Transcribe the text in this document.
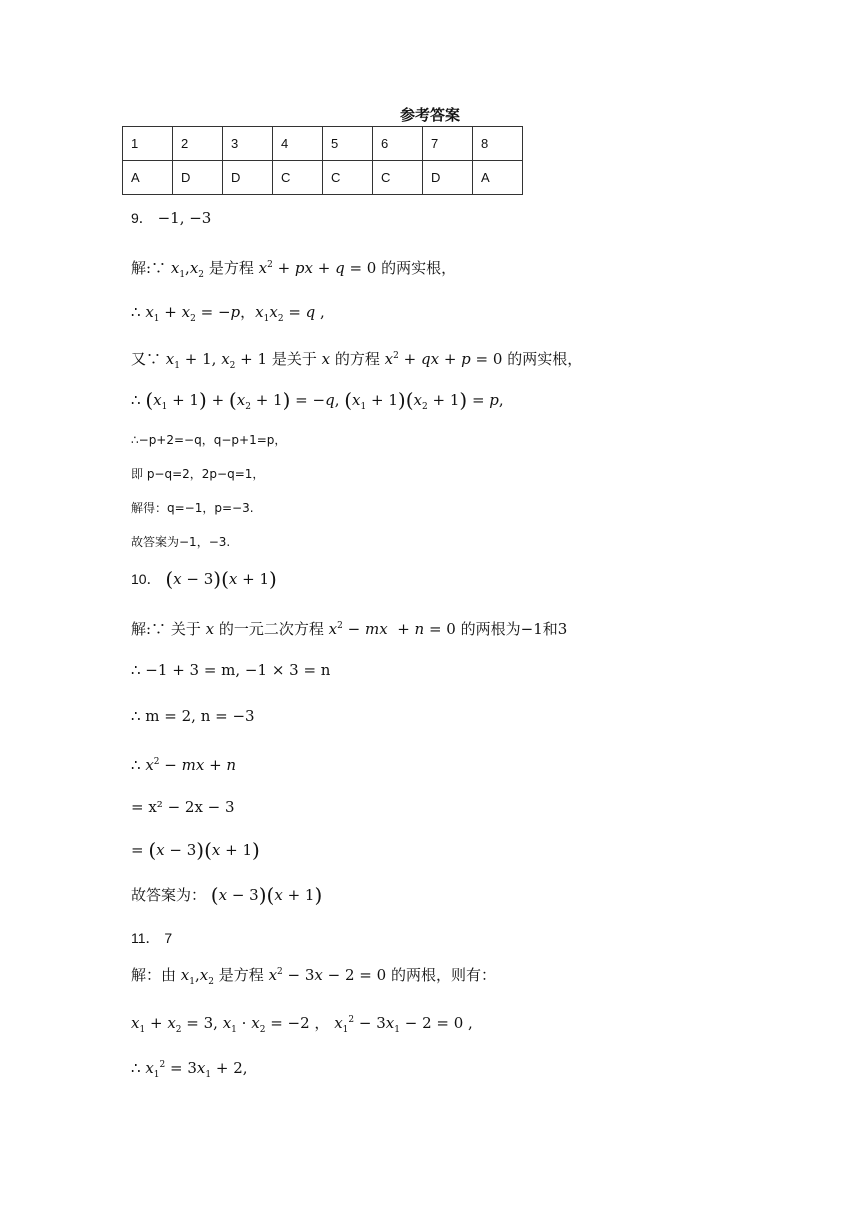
参考答案
1	2	3	4	5	6	7	8
A	D	D	C	C	C	D	A
9． −1, −3
解:∵ $x_1,x_2$ 是方程 $x^2$ + px + q = 0 的两实根，
∴ $x_1 + x_2 = -p$，$x_1x_2 = q$ ,
又∵ $x_1 + 1$, $x_2 + 1$ 是关于 x 的方程 $x^2$ + qx + p = 0 的两实根，
∴ $(x_1 + 1) + (x_2 + 1) = -q$, $(x_1 + 1)(x_2 + 1) = p$,
∴−p+2=−q，q−p+1=p，
即 p−q=2，2p−q=1，
解得：q=−1，p=−3.
故答案为−1，−3.
10． (x − 3)(x + 1)
解:∵ 关于 x 的一元二次方程 $x^2$ − mx  + n = 0 的两根为−1和3
∴ −1 + 3 = m, −1 × 3 = n
∴ m = 2, n = −3
∴ $x^2$ − mx + n
= x² − 2x − 3
= (x − 3)(x + 1)
故答案为： (x − 3)(x + 1)
11． 7
解：由 $x_1,x_2$ 是方程 $x^2 - 3x - 2 = 0$ 的两根，则有：
$x_1 + x_2 = 3$, $x_1 \cdot x_2 = -2$ ， $x_1^2 - 3x_1 - 2 = 0$ ,
∴ $x_1^2 = 3x_1 + 2$,
